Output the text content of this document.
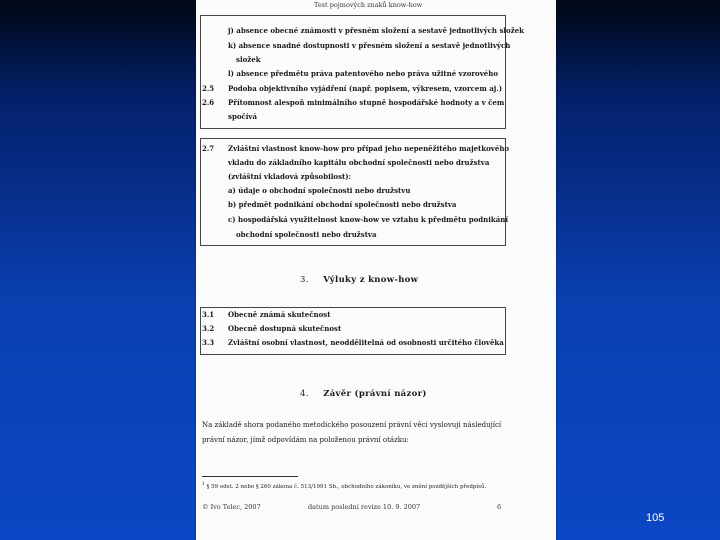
Test pojmových znaků know-how
j) absence obecné známosti v přesném složení a sestavě jednotlivých složek
k) absence snadné dostupnosti v přesném složení a sestavě jednotlivých
složek
l) absence předmětu práva patentového nebo práva užitné vzorového
2.5 Podoba objektivního vyjádření (např. popisem, výkresem, vzorcem aj.)
2.6 Přítomnost alespoň minimálního stupně hospodářské hodnoty a v čem
spočívá
2.7 Zvláštní vlastnost know-how pro případ jeho nepeněžitého majetkového
vkladu do základního kapitálu obchodní společnosti nebo družstva
(zvláštní vkladová způsobilost):
a) údaje o obchodní společnosti nebo družstvu
b) předmět podnikání obchodní společnosti nebo družstva
c) hospodářská využitelnost know-how ve vztahu k předmětu podnikání
obchodní společnosti nebo družstva
3. Výluky z know-how
3.1 Obecně známá skutečnost
3.2 Obecně dostupná skutečnost
3.3 Zvláštní osobní vlastnost, neoddělitelná od osobnosti určitého člověka
4. Závěr (právní názor)
Na základě shora podaného metodického posouzení právní věci vyslovuji následující
právní názor, jímž odpovídám na položenou právní otázku:
$^1$ § 59 odst. 2 nebo § 260 zákona č. 513/1991 Sb., obchodního zákoníku, ve znění pozdějších předpisů.
© Ivo Telec, 2007	datum poslední revize 10. 9. 2007	6
105
